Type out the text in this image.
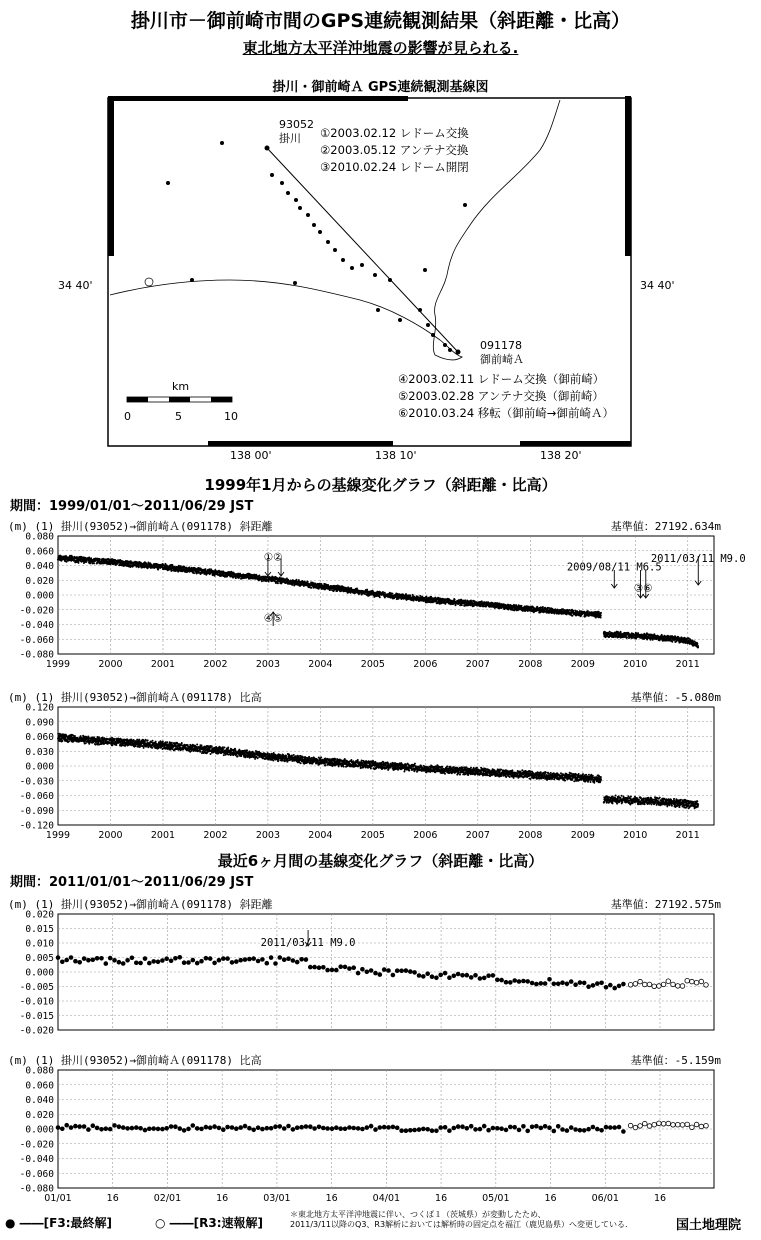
掛川市－御前崎市間のGPS連続観測結果（斜距離・比高）
東北地方太平洋沖地震の影響が見られる.
掛川・御前崎Ａ GPS連続観測基線図
93052
掛川 ①2003.02.12 レドーム交換
②2003.05.12 アンテナ交換
③2010.02.24 レドーム開閉
091178
御前崎Ａ
④2003.02.11 レドーム交換（御前崎）
⑤2003.02.28 アンテナ交換（御前崎）
⑥2010.03.24 移転（御前崎→御前崎Ａ）
34 40'	34 40'
138 00'	138 10'	138 20'
km
0	5	10
1999年1月からの基線変化グラフ（斜距離・比高）
期間：1999/01/01～2011/06/29 JST
最近6ヶ月間の基線変化グラフ（斜距離・比高）
期間：2011/01/01～2011/06/29 JST
(m) (1) 掛川(93052)→御前崎Ａ(091178) 斜距離	基準値：27192.634m
0.080
0.060
0.040
0.020
0.000
-0.020
-0.040
-0.060
-0.080
1999	2000	2001	2002	2003	2004	2005	2006	2007	2008	2009	2010	2011
①②
④⑤
2009/08/11 M6.5
2011/03/11 M9.0
③⑥
(m) (1) 掛川(93052)→御前崎Ａ(091178) 比高	基準値：-5.080m
0.120
0.090
0.060
0.030
0.000
-0.030
-0.060
-0.090
-0.120
1999	2000	2001	2002	2003	2004	2005	2006	2007	2008	2009	2010	2011
(m) (1) 掛川(93052)→御前崎Ａ(091178) 斜距離	基準値：27192.575m
0.020
0.015
0.010
0.005
0.000
-0.005
-0.010
-0.015
-0.020
2011/03/11 M9.0
(m) (1) 掛川(93052)→御前崎Ａ(091178) 比高	基準値：-5.159m
0.080
0.060
0.040
0.020
0.000
-0.020
-0.040
-0.060
-0.080
01/01	16	02/01	16	03/01	16	04/01	16	05/01	16	06/01	16
● ――[F3:最終解]	○ ――[R3:速報解]
＊東北地方太平洋沖地震に伴い、つくば１（茨城県）が変動したため、
2011/3/11以降のQ3、R3解析においては解析時の固定点を福江（鹿児島県）へ変更している.	国土地理院
